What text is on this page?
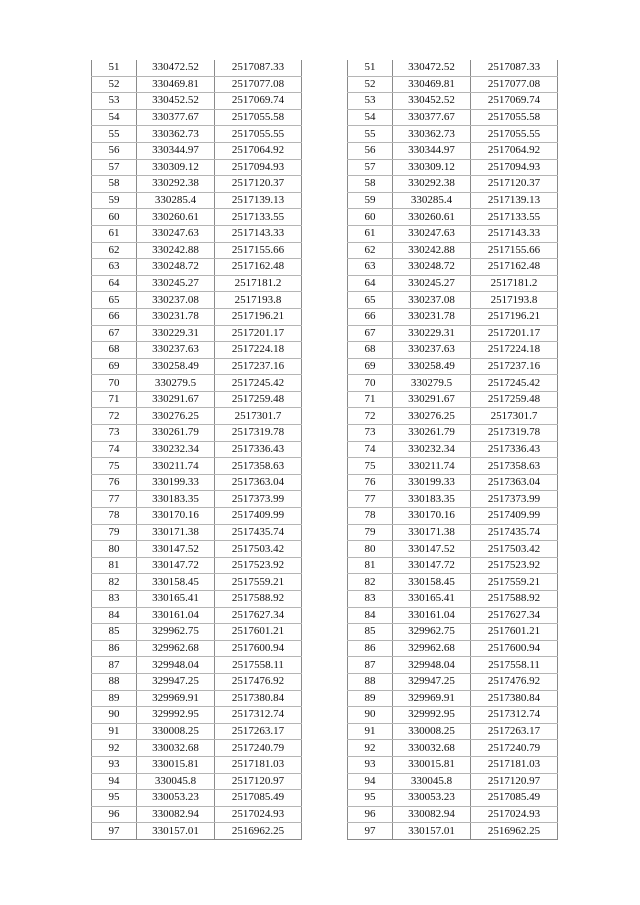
51	330472.52	2517087.33
52	330469.81	2517077.08
53	330452.52	2517069.74
54	330377.67	2517055.58
55	330362.73	2517055.55
56	330344.97	2517064.92
57	330309.12	2517094.93
58	330292.38	2517120.37
59	330285.4	2517139.13
60	330260.61	2517133.55
61	330247.63	2517143.33
62	330242.88	2517155.66
63	330248.72	2517162.48
64	330245.27	2517181.2
65	330237.08	2517193.8
66	330231.78	2517196.21
67	330229.31	2517201.17
68	330237.63	2517224.18
69	330258.49	2517237.16
70	330279.5	2517245.42
71	330291.67	2517259.48
72	330276.25	2517301.7
73	330261.79	2517319.78
74	330232.34	2517336.43
75	330211.74	2517358.63
76	330199.33	2517363.04
77	330183.35	2517373.99
78	330170.16	2517409.99
79	330171.38	2517435.74
80	330147.52	2517503.42
81	330147.72	2517523.92
82	330158.45	2517559.21
83	330165.41	2517588.92
84	330161.04	2517627.34
85	329962.75	2517601.21
86	329962.68	2517600.94
87	329948.04	2517558.11
88	329947.25	2517476.92
89	329969.91	2517380.84
90	329992.95	2517312.74
91	330008.25	2517263.17
92	330032.68	2517240.79
93	330015.81	2517181.03
94	330045.8	2517120.97
95	330053.23	2517085.49
96	330082.94	2517024.93
97	330157.01	2516962.25
51	330472.52	2517087.33
52	330469.81	2517077.08
53	330452.52	2517069.74
54	330377.67	2517055.58
55	330362.73	2517055.55
56	330344.97	2517064.92
57	330309.12	2517094.93
58	330292.38	2517120.37
59	330285.4	2517139.13
60	330260.61	2517133.55
61	330247.63	2517143.33
62	330242.88	2517155.66
63	330248.72	2517162.48
64	330245.27	2517181.2
65	330237.08	2517193.8
66	330231.78	2517196.21
67	330229.31	2517201.17
68	330237.63	2517224.18
69	330258.49	2517237.16
70	330279.5	2517245.42
71	330291.67	2517259.48
72	330276.25	2517301.7
73	330261.79	2517319.78
74	330232.34	2517336.43
75	330211.74	2517358.63
76	330199.33	2517363.04
77	330183.35	2517373.99
78	330170.16	2517409.99
79	330171.38	2517435.74
80	330147.52	2517503.42
81	330147.72	2517523.92
82	330158.45	2517559.21
83	330165.41	2517588.92
84	330161.04	2517627.34
85	329962.75	2517601.21
86	329962.68	2517600.94
87	329948.04	2517558.11
88	329947.25	2517476.92
89	329969.91	2517380.84
90	329992.95	2517312.74
91	330008.25	2517263.17
92	330032.68	2517240.79
93	330015.81	2517181.03
94	330045.8	2517120.97
95	330053.23	2517085.49
96	330082.94	2517024.93
97	330157.01	2516962.25
